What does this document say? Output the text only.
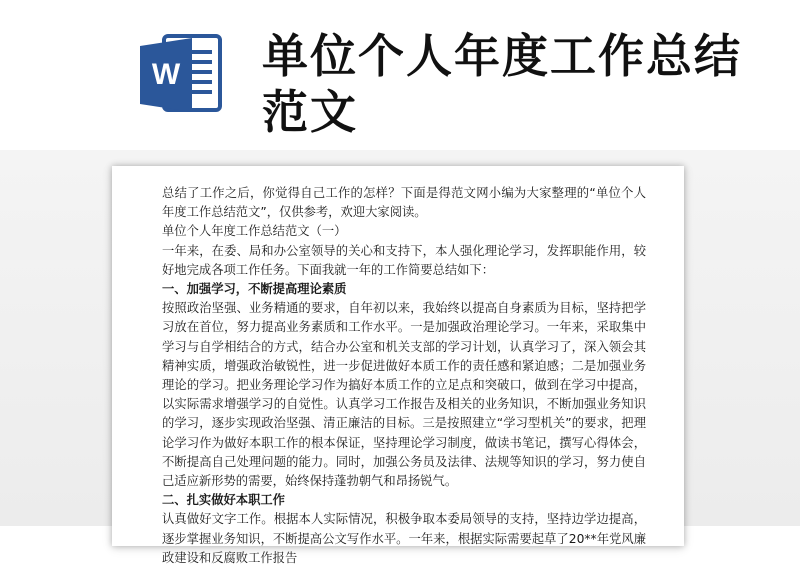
W 单位个人年度工作总结范文

总结了工作之后，你觉得自己工作的怎样？下面是得范文网小编为大家整理的“单位个人年度工作总结范文”，仅供参考，欢迎大家阅读。

单位个人年度工作总结范文（一）

一年来，在委、局和办公室领导的关心和支持下，本人强化理论学习，发挥职能作用，较好地完成各项工作任务。下面我就一年的工作简要总结如下：

一、加强学习，不断提高理论素质

按照政治坚强、业务精通的要求，自年初以来，我始终以提高自身素质为目标，坚持把学习放在首位，努力提高业务素质和工作水平。一是加强政治理论学习。一年来，采取集中学习与自学相结合的方式，结合办公室和机关支部的学习计划，认真学习了，深入领会其精神实质，增强政治敏锐性，进一步促进做好本质工作的责任感和紧迫感；二是加强业务理论的学习。把业务理论学习作为搞好本质工作的立足点和突破口，做到在学习中提高，以实际需求增强学习的自觉性。认真学习工作报告及相关的业务知识，不断加强业务知识的学习，逐步实现政治坚强、清正廉洁的目标。三是按照建立“学习型机关”的要求，把理论学习作为做好本职工作的根本保证，坚持理论学习制度，做读书笔记，撰写心得体会，不断提高自己处理问题的能力。同时，加强公务员及法律、法规等知识的学习，努力使自己适应新形势的需要，始终保持蓬勃朝气和昂扬锐气。

二、扎实做好本职工作

认真做好文字工作。根据本人实际情况，积极争取本委局领导的支持，坚持边学边提高，逐步掌握业务知识，不断提高公文写作水平。一年来，根据实际需要起草了20**年党风廉政建设和反腐败工作报告
